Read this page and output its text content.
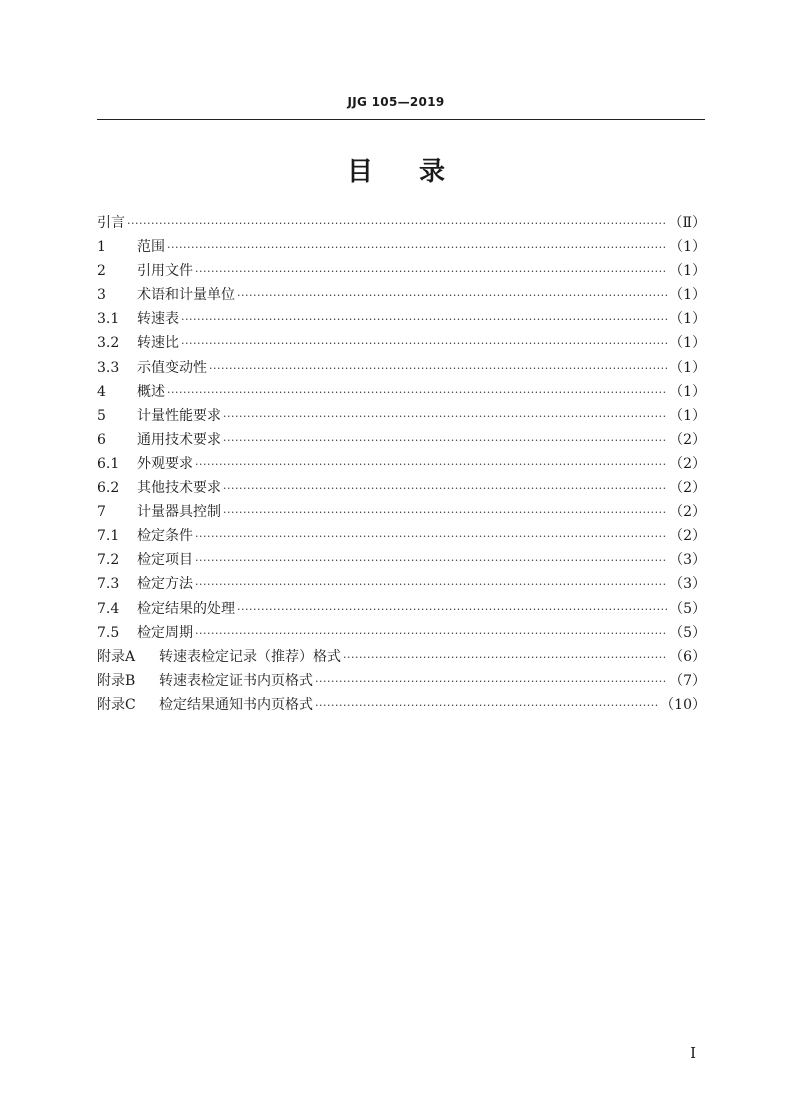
JJG 105—2019
目 录
引言 ·····	（Ⅱ）
1	范围 ·····	（1）
2	引用文件 ·····	（1）
3	术语和计量单位 ·····	（1）
3.1	转速表 ·····	（1）
3.2	转速比 ·····	（1）
3.3	示值变动性 ·····	（1）
4	概述 ·····	（1）
5	计量性能要求 ·····	（1）
6	通用技术要求 ·····	（2）
6.1	外观要求 ·····	（2）
6.2	其他技术要求 ·····	（2）
7	计量器具控制 ·····	（2）
7.1	检定条件 ·····	（2）
7.2	检定项目 ·····	（3）
7.3	检定方法 ·····	（3）
7.4	检定结果的处理 ·····	（5）
7.5	检定周期 ·····	（5）
附录A	转速表检定记录（推荐）格式 ·····	（6）
附录B	转速表检定证书内页格式 ·····	（7）
附录C	检定结果通知书内页格式 ·····	（10）
I
